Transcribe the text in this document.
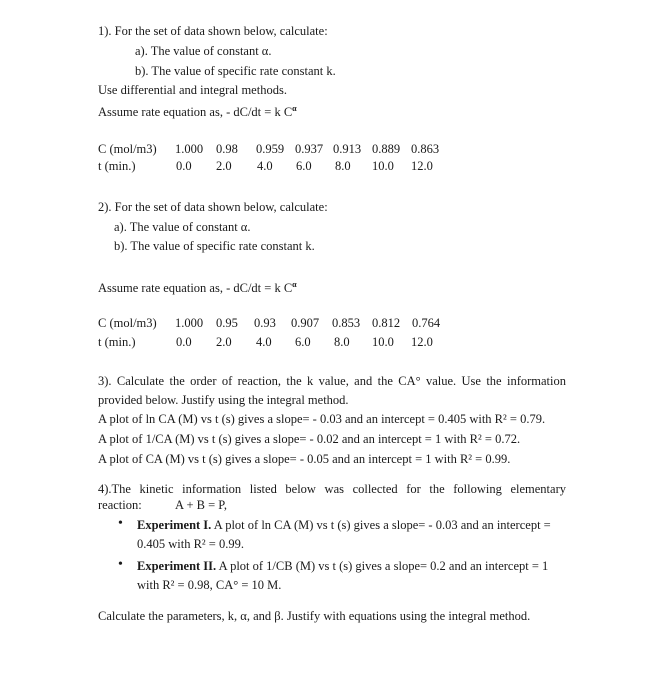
1). For the set of data shown below, calculate:
a). The value of constant α.
b). The value of specific rate constant k.
Use differential and integral methods.
Assume rate equation as, - dC/dt = k $C^\alpha$
C (mol/m3) 1.000 0.98 0.959 0.937 0.913 0.889 0.863
t (min.)	0.0 2.0 4.0 6.0 8.0 10.0 12.0
2). For the set of data shown below, calculate:
a). The value of constant α.
b). The value of specific rate constant k.
Assume rate equation as, - dC/dt = k $C^\alpha$
C (mol/m3) 1.000 0.95 0.93 0.907 0.853 0.812 0.764
t (min.)	0.0 2.0 4.0 6.0 8.0 10.0 12.0
3). Calculate the order of reaction, the k value, and the CA° value. Use the information
provided below. Justify using the integral method.
A plot of ln CA (M) vs t (s) gives a slope= - 0.03 and an intercept = 0.405 with R² = 0.79.
A plot of 1/CA (M) vs t (s) gives a slope= - 0.02 and an intercept = 1 with R² = 0.72.
A plot of CA (M) vs t (s) gives a slope= - 0.05 and an intercept = 1 with R² = 0.99.
4).The kinetic information listed below was collected for the following elementary
reaction:	A + B = P,
• Experiment I. A plot of ln CA (M) vs t (s) gives a slope= - 0.03 and an intercept =
0.405 with R² = 0.99.
• Experiment II. A plot of 1/CB (M) vs t (s) gives a slope= 0.2 and an intercept = 1
with R² = 0.98, CA° = 10 M.
Calculate the parameters, k, α, and β. Justify with equations using the integral method.
